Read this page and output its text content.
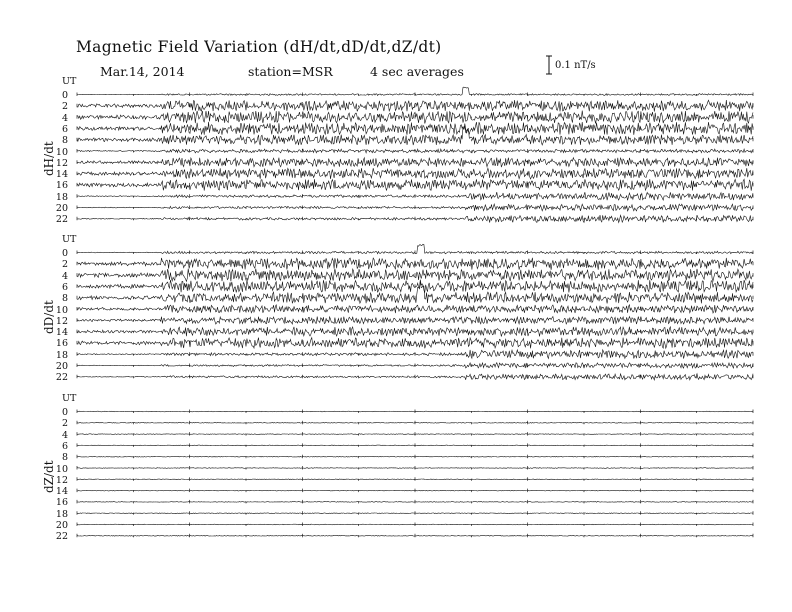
Magnetic Field Variation (dH/dt,dD/dt,dZ/dt)
Mar.14, 2014	station=MSR	4 sec averages	0.1 nT/s
UT
dH/dt
0
2
4
6
8
10
12
14
16
18
20
22
UT
dD/dt
0
2
4
6
8
10
12
14
16
18
20
22
UT
dZ/dt
0
2
4
6
8
10
12
14
16
18
20
22
